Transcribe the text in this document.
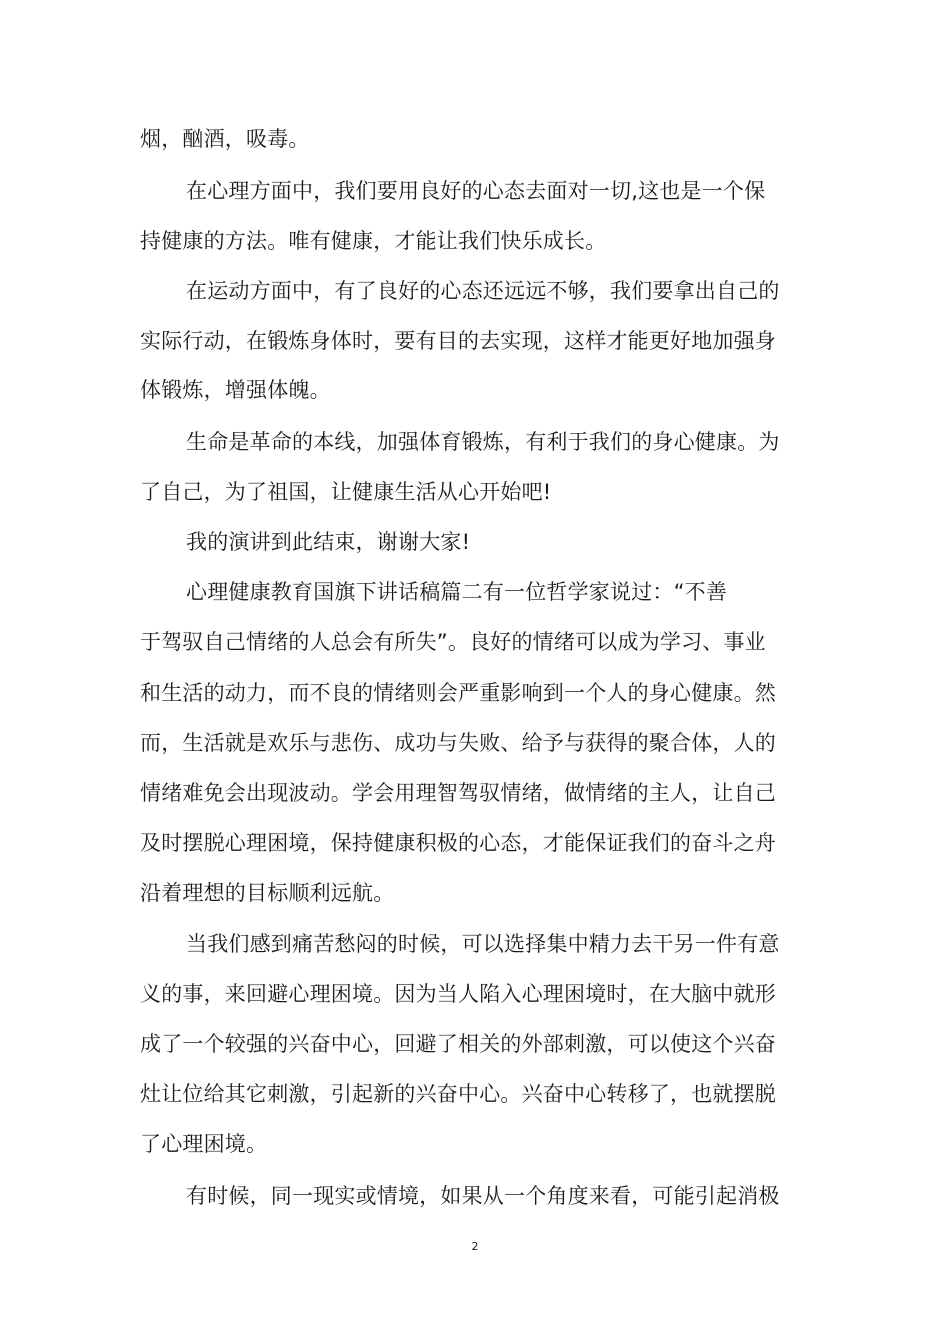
烟，酗酒，吸毒。
在心理方面中，我们要用良好的心态去面对一切,这也是一个保
持健康的方法。唯有健康，才能让我们快乐成长。
在运动方面中，有了良好的心态还远远不够，我们要拿出自己的
实际行动，在锻炼身体时，要有目的去实现，这样才能更好地加强身
体锻炼，增强体魄。
生命是革命的本线，加强体育锻炼，有利于我们的身心健康。为
了自己，为了祖国，让健康生活从心开始吧!
我的演讲到此结束，谢谢大家!
心理健康教育国旗下讲话稿篇二有一位哲学家说过：“不善
于驾驭自己情绪的人总会有所失”。良好的情绪可以成为学习、事业
和生活的动力，而不良的情绪则会严重影响到一个人的身心健康。然
而，生活就是欢乐与悲伤、成功与失败、给予与获得的聚合体，人的
情绪难免会出现波动。学会用理智驾驭情绪，做情绪的主人，让自己
及时摆脱心理困境，保持健康积极的心态，才能保证我们的奋斗之舟
沿着理想的目标顺利远航。
当我们感到痛苦愁闷的时候，可以选择集中精力去干另一件有意
义的事，来回避心理困境。因为当人陷入心理困境时，在大脑中就形
成了一个较强的兴奋中心，回避了相关的外部刺激，可以使这个兴奋
灶让位给其它刺激，引起新的兴奋中心。兴奋中心转移了，也就摆脱
了心理困境。
有时候，同一现实或情境，如果从一个角度来看，可能引起消极
2
